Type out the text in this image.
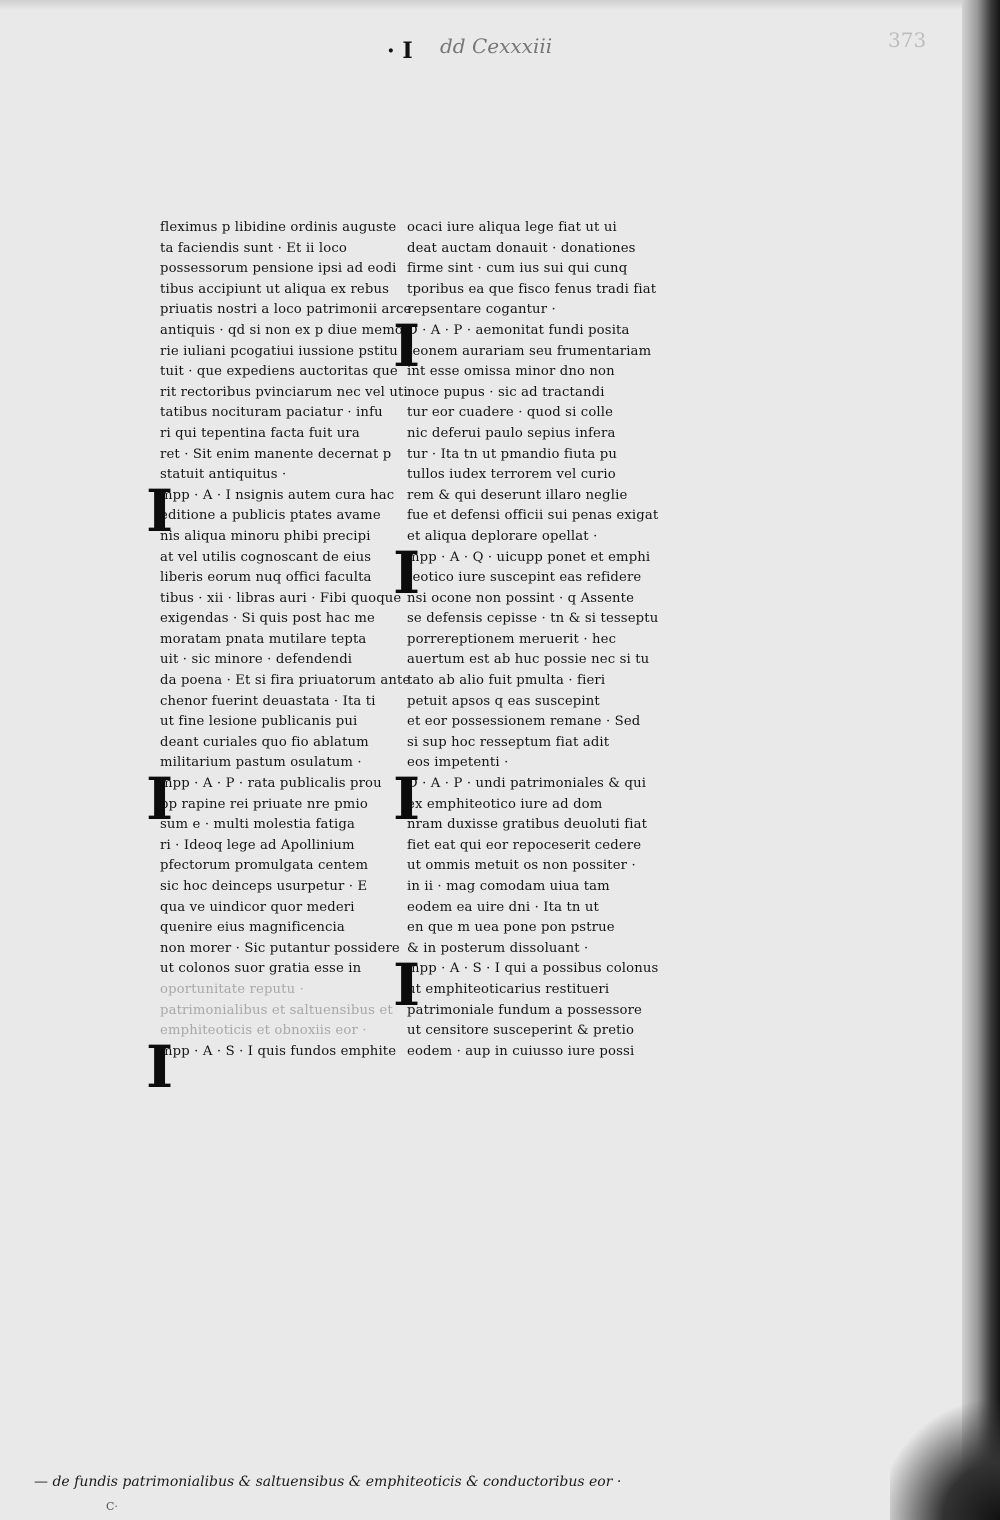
· I dd Cexxxiii	373
fleximus p libidine ordinis auguste
ta faciendis sunt · Et ii loco
possessorum pensione ipsi ad eodi
tibus accipiunt ut aliqua ex rebus
priuatis nostri a loco patrimonii arce
antiquis · qd si non ex p diue memo
rie iuliani pcogatiui iussione pstitu
tuit · que expediens auctoritas que
rit rectoribus pvinciarum nec vel uti
tatibus nocituram paciatur · infu
ri qui tepentina facta fuit ura
ret · Sit enim manente decernat p
statuit antiquitus ·
mpp · A · I nsignis autem cura hac
I
editione a publicis ptates avame
nis aliqua minoru phibi precipi
at vel utilis cognoscant de eius
liberis eorum nuq offici faculta
tibus · xii · libras auri · Fibi quoque
exigendas · Si quis post hac me
moratam pnata mutilare tepta
uit · sic minore · defendendi
da poena · Et si fira priuatorum ante
chenor fuerint deuastata · Ita ti
ut fine lesione publicanis pui
deant curiales quo fio ablatum
militarium pastum osulatum ·
mpp · A · P · rata publicalis prou
I
pp rapine rei priuate nre pmio
sum e · multi molestia fatiga
ri · Ideoq lege ad Apollinium
pfectorum promulgata centem
sic hoc deinceps usurpetur · E
qua ve uindicor quor mederi
quenire eius magnificencia
non morer · Sic putantur possidere
ut colonos suor gratia esse in
oportunitate reputu ·
patrimonialibus et saltuensibus et
emphiteoticis et obnoxiis eor ·
mpp · A · S · I quis fundos emphite
I
ocaci iure aliqua lege fiat ut ui
deat auctam donauit · donationes
firme sint · cum ius sui qui cunq
tporibus ea que fisco fenus tradi fiat
repsentare cogantur ·
D · A · P · aemonitat fundi posita
I
teonem aurariam seu frumentariam
int esse omissa minor dno non
noce pupus · sic ad tractandi
tur eor cuadere · quod si colle
nic deferui paulo sepius infera
tur · Ita tn ut pmandio fiuta pu
tullos iudex terrorem vel curio
rem & qui deserunt illaro neglie
fue et defensi officii sui penas exigat
et aliqua deplorare opellat ·
mpp · A · Q · uicupp ponet et emphi
I
teotico iure suscepint eas refidere
nsi ocone non possint · q Assente
se defensis cepisse · tn & si tesseptu
porrereptionem meruerit · hec
auertum est ab huc possie nec si tu
tato ab alio fuit pmulta · fieri
petuit apsos q eas suscepint
et eor possessionem remane · Sed
si sup hoc resseptum fiat adit
eos impetenti ·
D · A · P · undi patrimoniales & qui
I
ex emphiteotico iure ad dom
nram duxisse gratibus deuoluti fiat
fiet eat qui eor repoceserit cedere
ut ommis metuit os non possiter ·
in ii · mag comodam uiua tam
eodem ea uire dni · Ita tn ut
en que m uea pone pon pstrue
& in posterum dissoluant ·
mpp · A · S · I qui a possibus colonus
I
ut emphiteoticarius restitueri
patrimoniale fundum a possessore
ut censitore susceperint & pretio
eodem · aup in cuiusso iure possi
— de fundis patrimonialibus & saltuensibus & emphiteoticis & conductoribus eor ·
C·
